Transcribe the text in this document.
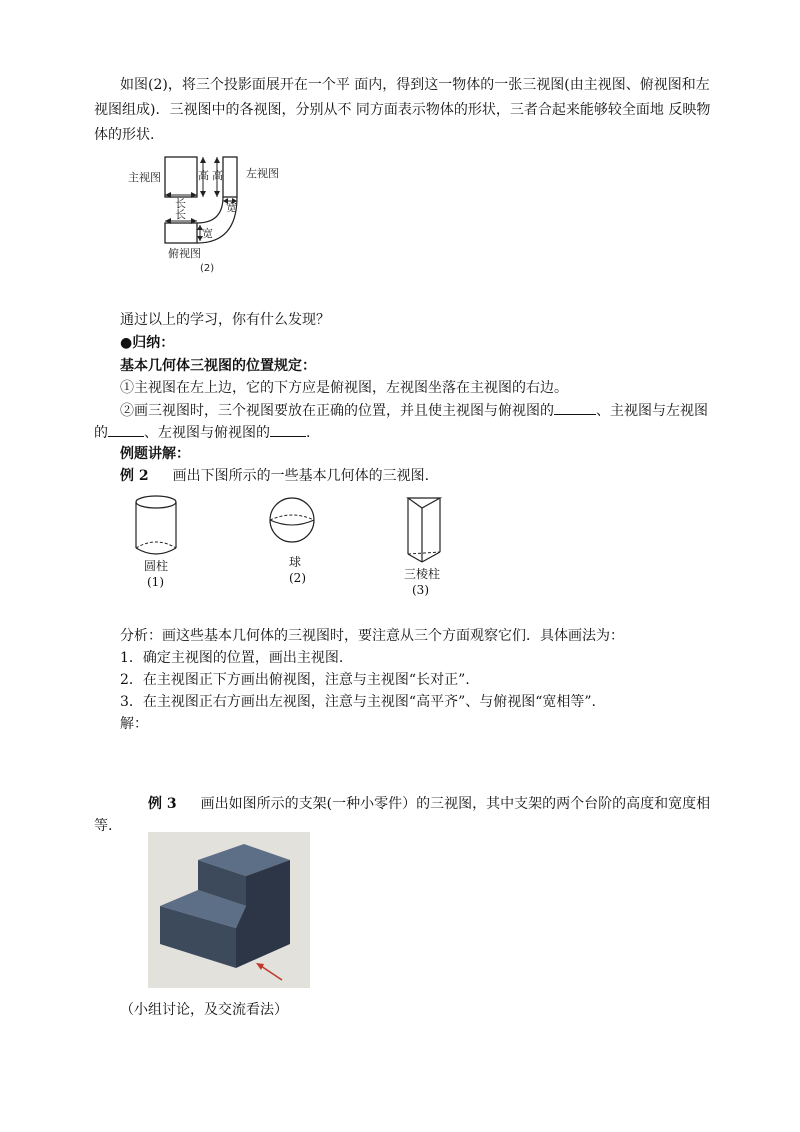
如图(2)，将三个投影面展开在一个平 面内，得到这一物体的一张三视图(由主视图、俯视图和左
视图组成)．三视图中的各视图，分别从不 同方面表示物体的形状，三者合起来能够较全面地 反映物
体的形状.
主视图	左视图
俯视图
高 高
长
长
宽
宽
(2)
通过以上的学习，你有什么发现？
●归纳：
基本几何体三视图的位置规定：
①主视图在左上边，它的下方应是俯视图，左视图坐落在主视图的右边。
②画三视图时，三个视图要放在正确的位置，并且使主视图与俯视图的	、主视图与左视图
的	、左视图与俯视图的	.
例题讲解：
例 2 画出下图所示的一些基本几何体的三视图.
圆柱
(1)
球
(2)	三棱柱
(3)
分析：画这些基本几何体的三视图时，要注意从三个方面观察它们．具体画法为：
1．确定主视图的位置，画出主视图.
2．在主视图正下方画出俯视图，注意与主视图“长对正”.
3．在主视图正右方画出左视图，注意与主视图“高平齐”、与俯视图“宽相等”.
解：
例 3 画出如图所示的支架(一种小零件）的三视图，其中支架的两个台阶的高度和宽度相
等.
（小组讨论，及交流看法）
